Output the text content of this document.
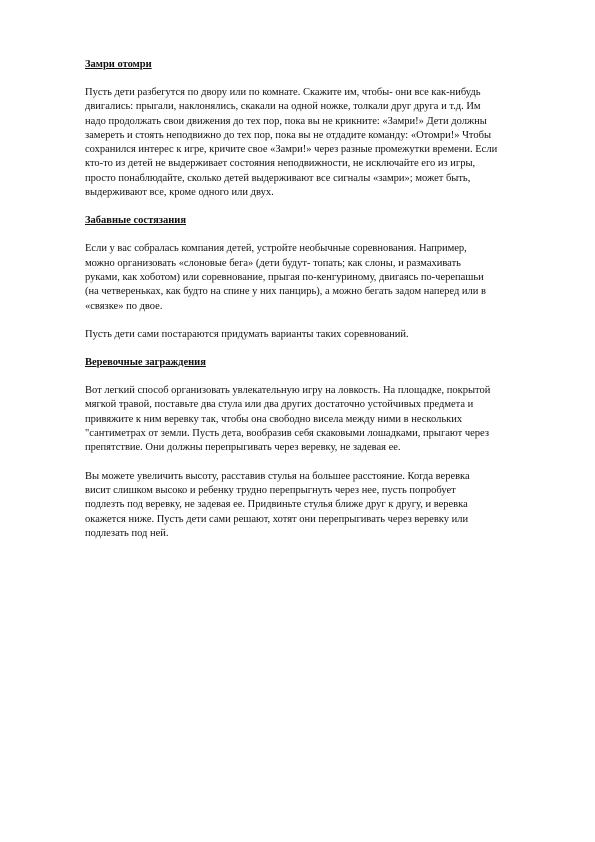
Замри отомри
Пусть дети разбегутся по двору или по комнате. Скажите им, чтобы- они все как-нибудь
двигались: прыгали, наклонялись, скакали на одной ножке, толкали друг друга и т.д. Им
надо продолжать свои движения до тех пор, пока вы не крикните: «Замри!» Дети должны
замереть и стоять неподвижно до тех пор, пока вы не отдадите команду: «Отомри!» Чтобы
сохранился интерес к игре, кричите свое «Замри!» через разные промежутки времени. Если
кто-то из детей не выдерживает состояния неподвижности, не исключайте его из игры,
просто понаблюдайте, сколько детей выдерживают все сигналы «замри»; может быть,
выдерживают все, кроме одного или двух.
Забавные состязания
Если у вас собралась компания детей, устройте необычные соревнования. Например,
можно организовать «слоновые бега» (дети будут- топать; как слоны, и размахивать
руками, как хоботом) или соревнование, прыгая по-кенгуриному, двигаясь по-черепашьи
(на четвереньках, как будто на спине у них панцирь), а можно бегать задом наперед или в
«связке» по двое.
Пусть дети сами постараются придумать варианты таких соревнований.
Веревочные заграждения
Вот легкий способ организовать увлекательную игру на ловкость. На площадке, покрытой
мягкой травой, поставьте два стула или два других достаточно устойчивых предмета и
привяжите к ним веревку так, чтобы она свободно висела между ними в нескольких
"сантиметрах от земли. Пусть дета, вообразив себя скаковыми лошадками, прыгают через
препятствие. Они должны перепрыгивать через веревку, не задевая ее.
Вы можете увеличить высоту, расставив стулья на большее расстояние. Когда веревка
висит слишком высоко и ребенку трудно перепрыгнуть через нее, пусть попробует
подлезть под веревку, не задевая ее. Придвиньте стулья ближе друг к другу, и веревка
окажется ниже. Пусть дети сами решают, хотят они перепрыгивать через веревку или
подлезать под ней.
